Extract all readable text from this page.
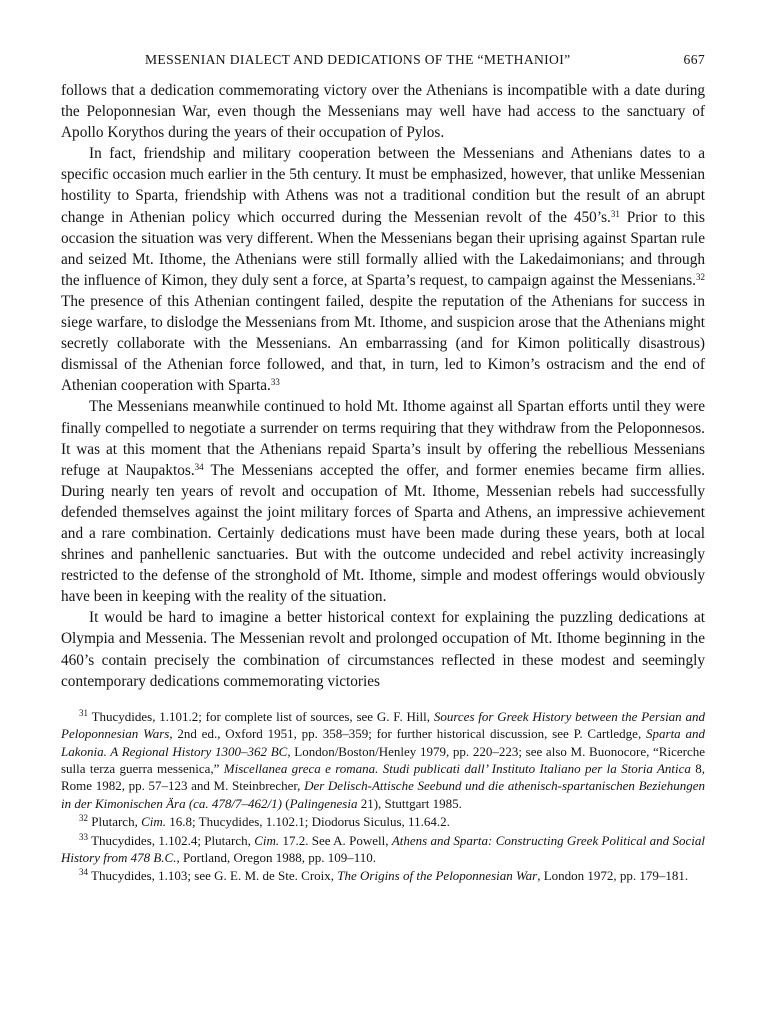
MESSENIAN DIALECT AND DEDICATIONS OF THE “METHANIOI”	667

follows that a dedication commemorating victory over the Athenians is incompatible with a date during the Peloponnesian War, even though the Messenians may well have had access to the sanctuary of Apollo Korythos during the years of their occupation of Pylos.

In fact, friendship and military cooperation between the Messenians and Athenians dates to a specific occasion much earlier in the 5th century. It must be emphasized, however, that unlike Messenian hostility to Sparta, friendship with Athens was not a traditional condition but the result of an abrupt change in Athenian policy which occurred during the Messenian revolt of the 450’s.$^{31}$ Prior to this occasion the situation was very different. When the Messenians began their uprising against Spartan rule and seized Mt. Ithome, the Athenians were still formally allied with the Lakedaimonians; and through the influence of Kimon, they duly sent a force, at Sparta’s request, to campaign against the Messenians.$^{32}$ The presence of this Athenian contingent failed, despite the reputation of the Athenians for success in siege warfare, to dislodge the Messenians from Mt. Ithome, and suspicion arose that the Athenians might secretly collaborate with the Messenians. An embarrassing (and for Kimon politically disastrous) dismissal of the Athenian force followed, and that, in turn, led to Kimon’s ostracism and the end of Athenian cooperation with Sparta.$^{33}$

The Messenians meanwhile continued to hold Mt. Ithome against all Spartan efforts until they were finally compelled to negotiate a surrender on terms requiring that they withdraw from the Peloponnesos. It was at this moment that the Athenians repaid Sparta’s insult by offering the rebellious Messenians refuge at Naupaktos.$^{34}$ The Messenians accepted the offer, and former enemies became firm allies. During nearly ten years of revolt and occupation of Mt. Ithome, Messenian rebels had successfully defended themselves against the joint military forces of Sparta and Athens, an impressive achievement and a rare combination. Certainly dedications must have been made during these years, both at local shrines and panhellenic sanctuaries. But with the outcome undecided and rebel activity increasingly restricted to the defense of the stronghold of Mt. Ithome, simple and modest offerings would obviously have been in keeping with the reality of the situation.

It would be hard to imagine a better historical context for explaining the puzzling dedications at Olympia and Messenia. The Messenian revolt and prolonged occupation of Mt. Ithome beginning in the 460’s contain precisely the combination of circumstances reflected in these modest and seemingly contemporary dedications commemorating victories

$^{31}$ Thucydides, 1.101.2; for complete list of sources, see G. F. Hill, Sources for Greek History between the Persian and Peloponnesian Wars, 2nd ed., Oxford 1951, pp. 358–359; for further historical discussion, see P. Cartledge, Sparta and Lakonia. A Regional History 1300–362 BC, London/Boston/Henley 1979, pp. 220–223; see also M. Buonocore, “Ricerche sulla terza guerra messenica,” Miscellanea greca e romana. Studi publicati dall’ Instituto Italiano per la Storia Antica 8, Rome 1982, pp. 57–123 and M. Steinbrecher, Der Delisch-Attische Seebund und die athenisch-spartanischen Beziehungen in der Kimonischen Ära (ca. 478/7–462/1) (Palingenesia 21), Stuttgart 1985.

$^{32}$ Plutarch, Cim. 16.8; Thucydides, 1.102.1; Diodorus Siculus, 11.64.2.

$^{33}$ Thucydides, 1.102.4; Plutarch, Cim. 17.2. See A. Powell, Athens and Sparta: Constructing Greek Political and Social History from 478 B.C., Portland, Oregon 1988, pp. 109–110.

$^{34}$ Thucydides, 1.103; see G. E. M. de Ste. Croix, The Origins of the Peloponnesian War, London 1972, pp. 179–181.
